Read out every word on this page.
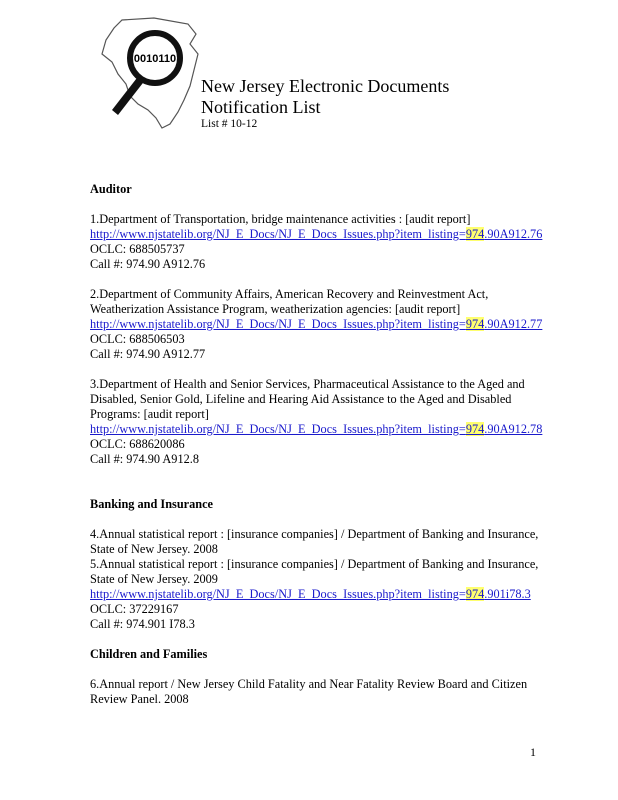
0010110
New Jersey Electronic Documents
Notification List
List # 10-12

Auditor

1.Department of Transportation, bridge maintenance activities : [audit report]

http://www.njstatelib.org/NJ_E_Docs/NJ_E_Docs_Issues.php?item_listing=974.90A912.76

OCLC: 688505737

Call #: 974.90 A912.76

2.Department of Community Affairs, American Recovery and Reinvestment Act, Weatherization Assistance Program, weatherization agencies: [audit report]

http://www.njstatelib.org/NJ_E_Docs/NJ_E_Docs_Issues.php?item_listing=974.90A912.77

OCLC: 688506503

Call #: 974.90 A912.77

3.Department of Health and Senior Services, Pharmaceutical Assistance to the Aged and Disabled, Senior Gold, Lifeline and Hearing Aid Assistance to the Aged and Disabled Programs: [audit report]

http://www.njstatelib.org/NJ_E_Docs/NJ_E_Docs_Issues.php?item_listing=974.90A912.78

OCLC: 688620086

Call #: 974.90 A912.8

Banking and Insurance

4.Annual statistical report : [insurance companies] / Department of Banking and Insurance, State of New Jersey. 2008

5.Annual statistical report : [insurance companies] / Department of Banking and Insurance, State of New Jersey. 2009

http://www.njstatelib.org/NJ_E_Docs/NJ_E_Docs_Issues.php?item_listing=974.901i78.3

OCLC: 37229167

Call #: 974.901 I78.3

Children and Families

6.Annual report / New Jersey Child Fatality and Near Fatality Review Board and Citizen Review Panel. 2008

1
